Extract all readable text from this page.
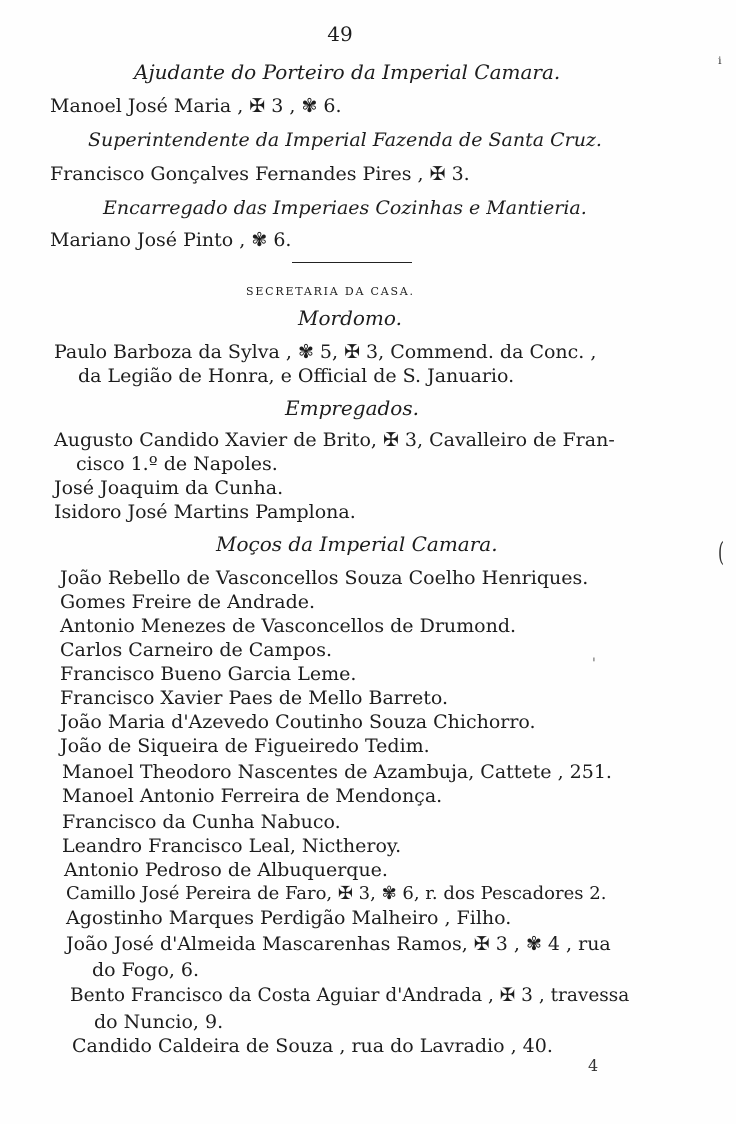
49
Ajudante do Porteiro da Imperial Camara.
Manoel José Maria , ✠ 3 , ✾ 6.
Superintendente da Imperial Fazenda de Santa Cruz.
Francisco Gonçalves Fernandes Pires , ✠ 3.
Encarregado das Imperiaes Cozinhas e Mantieria.
Mariano José Pinto , ✾ 6.
SECRETARIA DA CASA.
Mordomo.
Paulo Barboza da Sylva , ✾ 5, ✠ 3, Commend. da Conc. ,
da Legião de Honra, e Official de S. Januario.
Empregados.
Augusto Candido Xavier de Brito, ✠ 3, Cavalleiro de Fran-
cisco 1.º de Napoles.
José Joaquim da Cunha.
Isidoro José Martins Pamplona.
Moços da Imperial Camara.
João Rebello de Vasconcellos Souza Coelho Henriques.
Gomes Freire de Andrade.
Antonio Menezes de Vasconcellos de Drumond.
Carlos Carneiro de Campos.
Francisco Bueno Garcia Leme.
Francisco Xavier Paes de Mello Barreto.
João Maria d'Azevedo Coutinho Souza Chichorro.
João de Siqueira de Figueiredo Tedim.
Manoel Theodoro Nascentes de Azambuja, Cattete , 251.
Manoel Antonio Ferreira de Mendonça.
Francisco da Cunha Nabuco.
Leandro Francisco Leal, Nictheroy.
Antonio Pedroso de Albuquerque.
Camillo José Pereira de Faro, ✠ 3, ✾ 6, r. dos Pescadores 2.
Agostinho Marques Perdigão Malheiro , Filho.
João José d'Almeida Mascarenhas Ramos, ✠ 3 , ✾ 4 , rua
do Fogo, 6.
Bento Francisco da Costa Aguiar d'Andrada , ✠ 3 , travessa
do Nuncio, 9.
Candido Caldeira de Souza , rua do Lavradio , 40.
4
ⁱ
(
'
